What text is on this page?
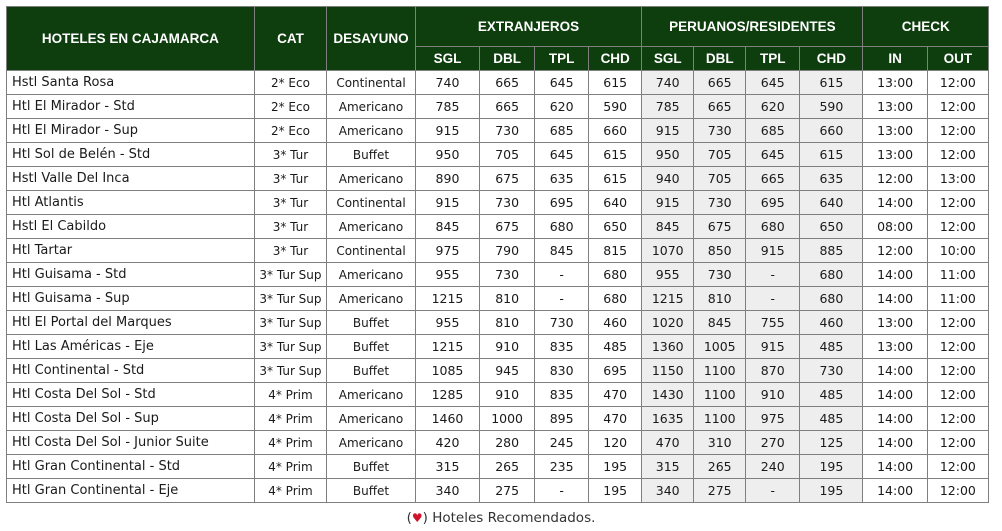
HOTELES EN CAJAMARCA	CAT	DESAYUNO	EXTRANJEROS				PERUANOS/RESIDENTES				CHECK	
			SGL	DBL	TPL	CHD	SGL	DBL	TPL	CHD	IN	OUT
Hstl Santa Rosa	2* Eco	Continental	740	665	645	615	740	665	645	615	13:00	12:00
Htl El Mirador - Std	2* Eco	Americano	785	665	620	590	785	665	620	590	13:00	12:00
Htl El Mirador - Sup	2* Eco	Americano	915	730	685	660	915	730	685	660	13:00	12:00
Htl Sol de Belén - Std	3* Tur	Buffet	950	705	645	615	950	705	645	615	13:00	12:00
Hstl Valle Del Inca	3* Tur	Americano	890	675	635	615	940	705	665	635	12:00	13:00
Htl Atlantis	3* Tur	Continental	915	730	695	640	915	730	695	640	14:00	12:00
Hstl El Cabildo	3* Tur	Americano	845	675	680	650	845	675	680	650	08:00	12:00
Htl Tartar	3* Tur	Continental	975	790	845	815	1070	850	915	885	12:00	10:00
Htl Guisama - Std	3* Tur Sup	Americano	955	730	-	680	955	730	-	680	14:00	11:00
Htl Guisama - Sup	3* Tur Sup	Americano	1215	810	-	680	1215	810	-	680	14:00	11:00
Htl El Portal del Marques	3* Tur Sup	Buffet	955	810	730	460	1020	845	755	460	13:00	12:00
Htl Las Américas - Eje	3* Tur Sup	Buffet	1215	910	835	485	1360	1005	915	485	13:00	12:00
Htl Continental - Std	3* Tur Sup	Buffet	1085	945	830	695	1150	1100	870	730	14:00	12:00
Htl Costa Del Sol - Std	4* Prim	Americano	1285	910	835	470	1430	1100	910	485	14:00	12:00
Htl Costa Del Sol - Sup	4* Prim	Americano	1460	1000	895	470	1635	1100	975	485	14:00	12:00
Htl Costa Del Sol - Junior Suite	4* Prim	Americano	420	280	245	120	470	310	270	125	14:00	12:00
Htl Gran Continental - Std	4* Prim	Buffet	315	265	235	195	315	265	240	195	14:00	12:00
Htl Gran Continental - Eje	4* Prim	Buffet	340	275	-	195	340	275	-	195	14:00	12:00
(♥) Hoteles Recomendados.
